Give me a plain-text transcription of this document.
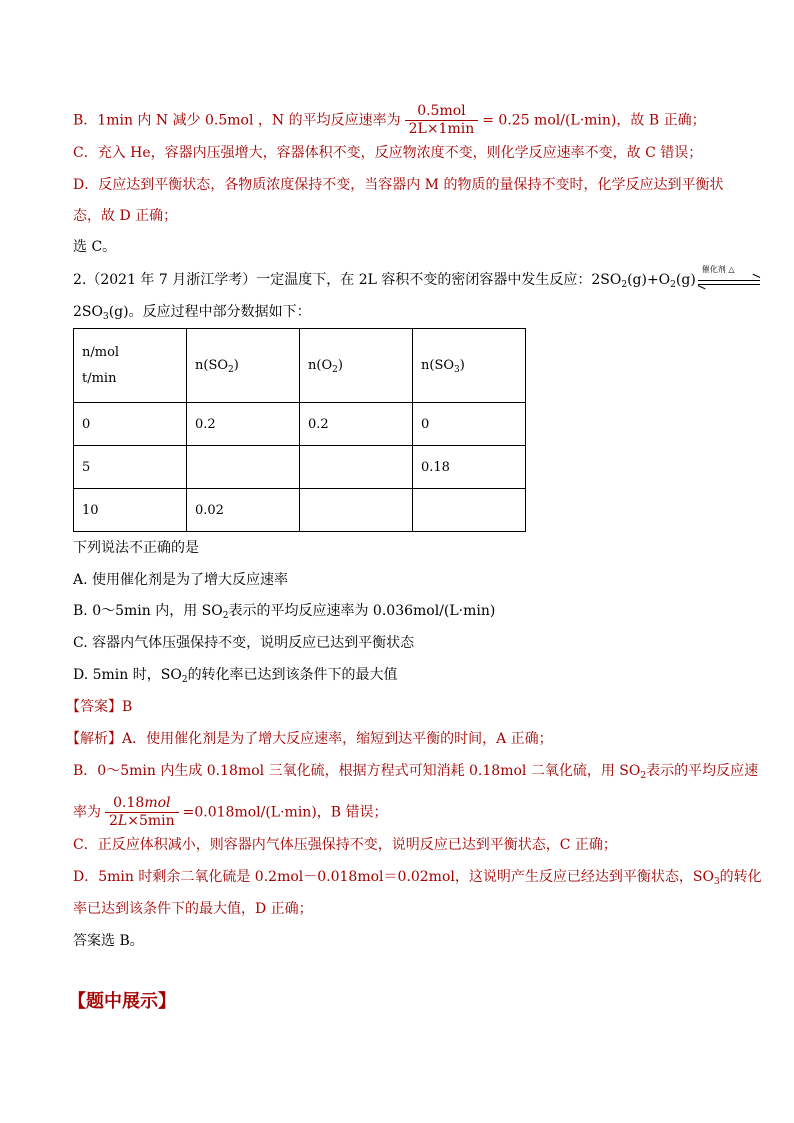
B．1min 内 N 减少 0.5mol ，N 的平均反应速率为 $\frac{\text{0.5mol}}{2L\times 1\min} = 0.25$ mol/(L·min)，故 B 正确；
C．充入 He，容器内压强增大，容器体积不变，反应物浓度不变，则化学反应速率不变，故 C 错误；
D．反应达到平衡状态，各物质浓度保持不变，当容器内 M 的物质的量保持不变时，化学反应达到平衡状
态，故 D 正确；
选 C。
2.（2021 年 7 月浙江学考）一定温度下，在 2L 容积不变的密闭容器中发生反应：$2SO_2(g)+O_2(g)$
催化剂 △
$2SO_3(g)$。反应过程中部分数据如下：
n/mol
t/min	$n(SO_2)$	$n(O_2)$	$n(SO_3)$
0	0.2	0.2	0
5			0.18
10	0.02		
下列说法不正确的是
A. 使用催化剂是为了增大反应速率
B. 0～5min 内，用 $SO_2$表示的平均反应速率为 0.036mol/(L·min)
C. 容器内气体压强保持不变，说明反应已达到平衡状态
D. 5min 时，$SO_2$的转化率已达到该条件下的最大值
【答案】B
【解析】A．使用催化剂是为了增大反应速率，缩短到达平衡的时间，A 正确；
B．0～5min 内生成 0.18mol 三氧化硫，根据方程式可知消耗 0.18mol 二氧化硫，用 $SO_2$表示的平均反应速
率为 $\frac{\text{0.18mol}}{2L\times 5\min} =0.018mol/(L\cdot\min)$，B 错误；
C．正反应体积减小，则容器内气体压强保持不变，说明反应已达到平衡状态，C 正确；
D．5min 时剩余二氧化硫是 0.2mol－0.018mol＝0.02mol，这说明产生反应已经达到平衡状态，$SO_3$的转化
率已达到该条件下的最大值，D 正确；
答案选 B。
【题中展示】
